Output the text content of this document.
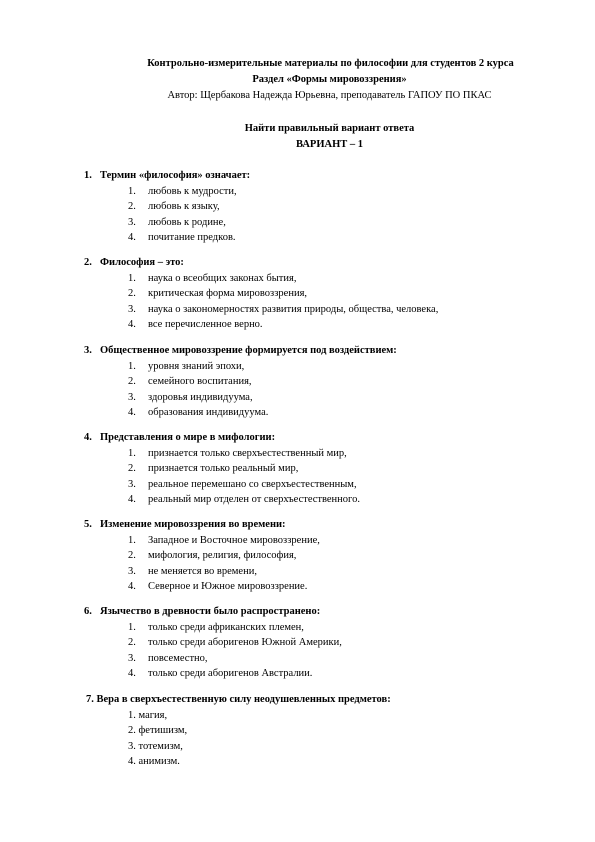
Контрольно-измерительные материалы по философии для студентов 2 курса
Раздел «Формы мировоззрения»
Автор: Щербакова Надежда Юрьевна, преподаватель ГАПОУ ПО ПКАС
Найти правильный вариант ответа
ВАРИАНТ – 1
1. Термин «философия» означает:
1. любовь к мудрости,
2. любовь к языку,
3. любовь к родине,
4. почитание предков.
2. Философия – это:
1. наука о всеобщих законах бытия,
2. критическая форма мировоззрения,
3. наука о закономерностях развития природы, общества, человека,
4. все перечисленное верно.
3. Общественное мировоззрение формируется под воздействием:
1. уровня знаний эпохи,
2. семейного воспитания,
3. здоровья индивидуума,
4. образования индивидуума.
4. Представления о мире в мифологии:
1. признается только сверхъестественный мир,
2. признается только реальный мир,
3. реальное перемешано со сверхъестественным,
4. реальный мир отделен от сверхъестественного.
5. Изменение мировоззрения во времени:
1. Западное и Восточное мировоззрение,
2. мифология, религия, философия,
3. не меняется во времени,
4. Северное и Южное мировоззрение.
6. Язычество в древности было распространено:
1. только среди африканских племен,
2. только среди аборигенов Южной Америки,
3. повсеместно,
4. только среди аборигенов Австралии.
7. Вера в сверхъестественную силу неодушевленных предметов:
1. магия,
2. фетишизм,
3. тотемизм,
4. анимизм.
